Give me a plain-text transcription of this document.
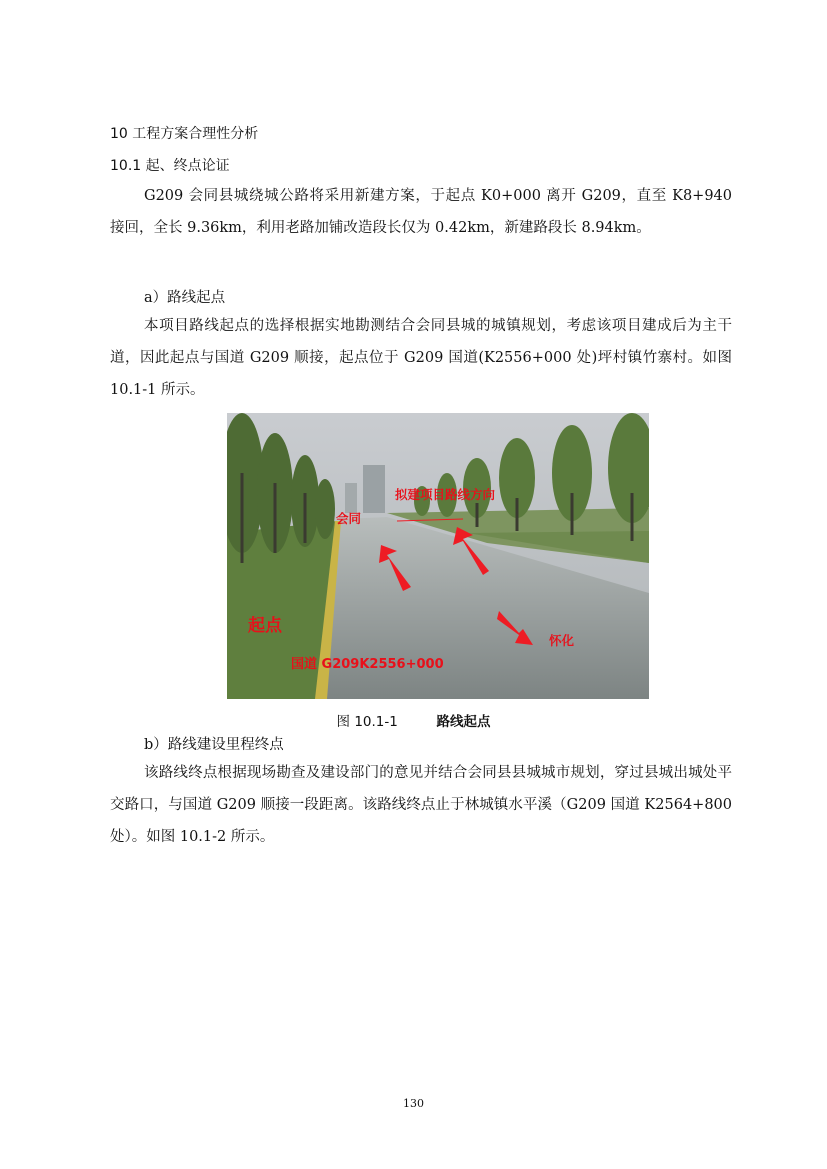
10 工程方案合理性分析
10.1 起、终点论证
G209 会同县城绕城公路将采用新建方案，于起点 K0+000 离开 G209，直至 K8+940 接回，全长 9.36km，利用老路加铺改造段长仅为 0.42km，新建路段长 8.94km。
a）路线起点
本项目路线起点的选择根据实地勘测结合会同县城的城镇规划，考虑该项目建成后为主干道，因此起点与国道 G209 顺接，起点位于 G209 国道(K2556+000 处)坪村镇竹寨村。如图 10.1-1 所示。
拟建项目路线方向
会同
起点
怀化
国道 G209K2556+000
图 10.1-1	路线起点
b）路线建设里程终点
该路线终点根据现场勘查及建设部门的意见并结合会同县县城城市规划，穿过县城出城处平交路口，与国道 G209 顺接一段距离。该路线终点止于林城镇水平溪（G209 国道 K2564+800 处）。如图 10.1-2 所示。
130
